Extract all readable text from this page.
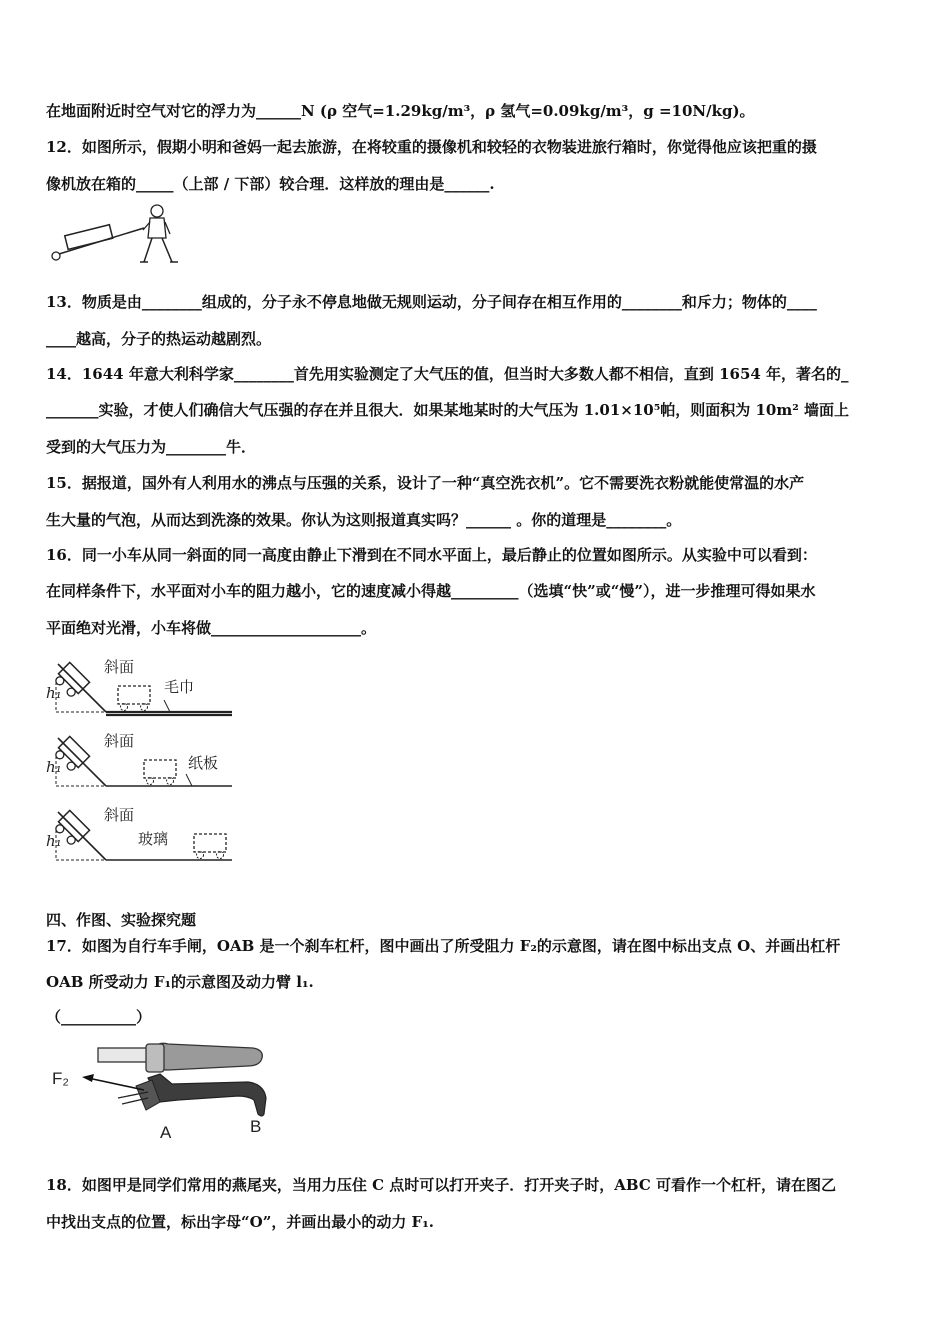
在地面附近时空气对它的浮力为______N (ρ 空气=1.29kg/m³，ρ 氢气=0.09kg/m³，g =10N/kg)。
12．如图所示，假期小明和爸妈一起去旅游，在将较重的摄像机和较轻的衣物装进旅行箱时，你觉得他应该把重的摄
像机放在箱的_____（上部 / 下部）较合理．这样放的理由是______.
13．物质是由________组成的，分子永不停息地做无规则运动，分子间存在相互作用的________和斥力；物体的____
____越高，分子的热运动越剧烈。
14．1644 年意大利科学家________首先用实验测定了大气压的值，但当时大多数人都不相信，直到 1654 年，著名的_
_______实验，才使人们确信大气压强的存在并且很大．如果某地某时的大气压为 1.01×10⁵帕，则面积为 10m² 墙面上
受到的大气压力为________牛．
15．据报道，国外有人利用水的沸点与压强的关系，设计了一种“真空洗衣机”。它不需要洗衣粉就能使常温的水产
生大量的气泡，从而达到洗涤的效果。你认为这则报道真实吗？______ 。你的道理是________。
16．同一小车从同一斜面的同一高度由静止下滑到在不同水平面上，最后静止的位置如图所示。从实验中可以看到：
在同样条件下，水平面对小车的阻力越小，它的速度减小得越_________（选填“快”或“慢”），进一步推理可得如果水
平面绝对光滑，小车将做____________________。
斜面
h₁	毛巾
斜面
h₁	纸板
斜面
h₁	玻璃
四、作图、实验探究题
17．如图为自行车手闸，OAB 是一个刹车杠杆，图中画出了所受阻力 F₂的示意图，请在图中标出支点 O、并画出杠杆
OAB 所受动力 F₁的示意图及动力臂 l₁.
（__________）
F₂
A	B
18．如图甲是同学们常用的燕尾夹，当用力压住 C 点时可以打开夹子．打开夹子时，ABC 可看作一个杠杆，请在图乙
中找出支点的位置，标出字母“O”，并画出最小的动力 F₁.
